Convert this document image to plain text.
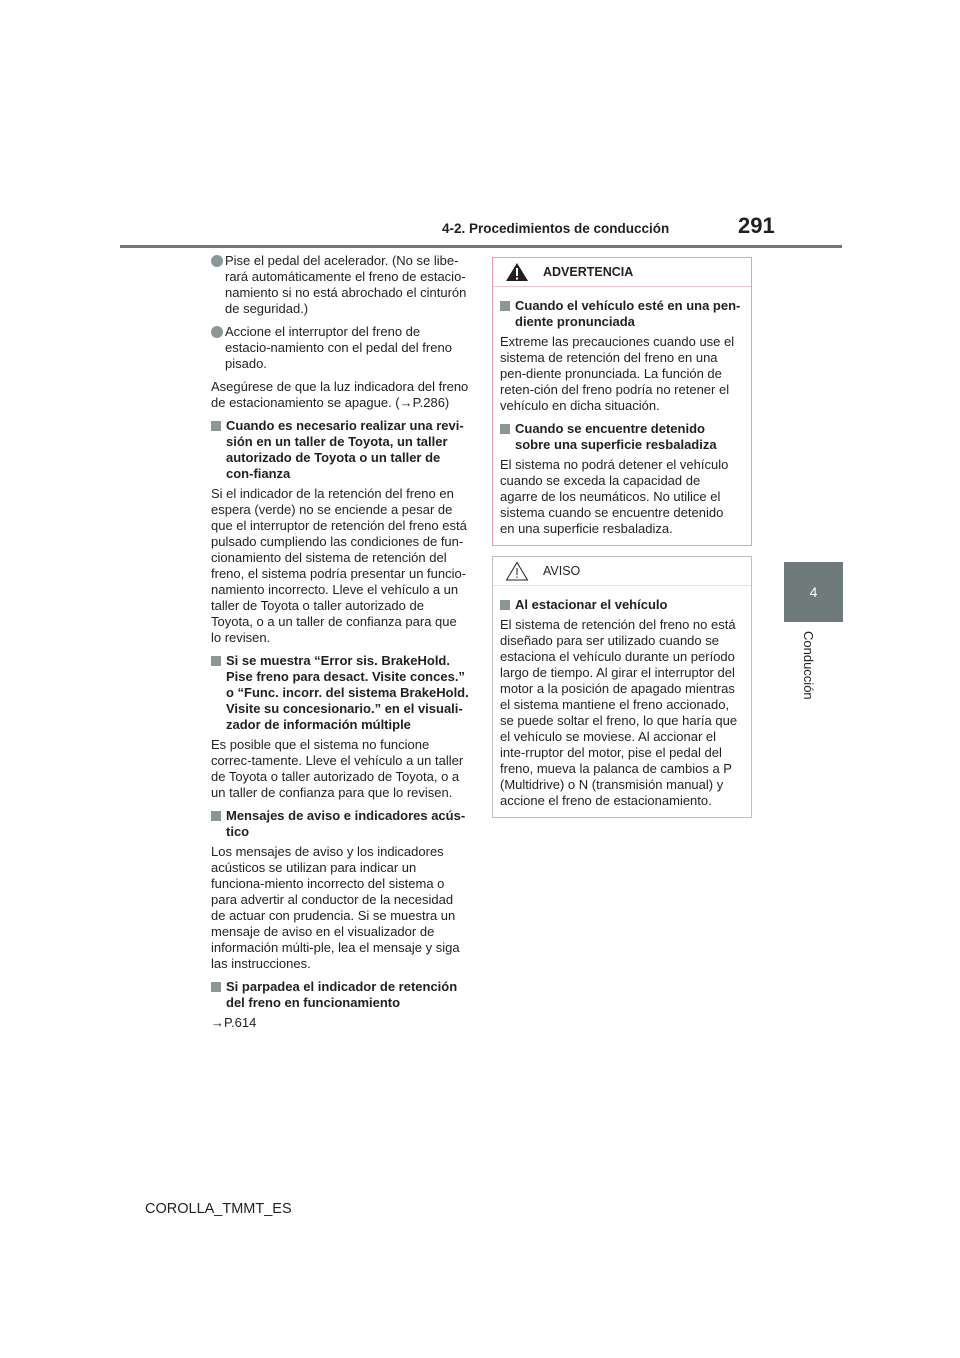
4-2. Procedimientos de conducción	291
4
Conducción
Pise el pedal del acelerador. (No se libe-rará automáticamente el freno de estacio-namiento si no está abrochado el cinturón de seguridad.)
Accione el interruptor del freno de estacio-namiento con el pedal del freno pisado.

Asegúrese de que la luz indicadora del freno de estacionamiento se apague. (→P.286)

Cuando es necesario realizar una revi-sión en un taller de Toyota, un taller autorizado de Toyota o un taller de con-fianza

Si el indicador de la retención del freno en espera (verde) no se enciende a pesar de que el interruptor de retención del freno está pulsado cumpliendo las condiciones de fun-cionamiento del sistema de retención del freno, el sistema podría presentar un funcio-namiento incorrecto. Lleve el vehículo a un taller de Toyota o taller autorizado de Toyota, o a un taller de confianza para que lo revisen.

Si se muestra “Error sis. BrakeHold. Pise freno para desact. Visite conces.” o “Func. incorr. del sistema BrakeHold. Visite su concesionario.” en el visuali-zador de información múltiple

Es posible que el sistema no funcione correc-tamente. Lleve el vehículo a un taller de Toyota o taller autorizado de Toyota, o a un taller de confianza para que lo revisen.

Mensajes de aviso e indicadores acús-tico

Los mensajes de aviso y los indicadores acústicos se utilizan para indicar un funciona-miento incorrecto del sistema o para advertir al conductor de la necesidad de actuar con prudencia. Si se muestra un mensaje de aviso en el visualizador de información múlti-ple, lea el mensaje y siga las instrucciones.

Si parpadea el indicador de retención del freno en funcionamiento

→P.614

ADVERTENCIA
Cuando el vehículo esté en una pen-diente pronunciada

Extreme las precauciones cuando use el sistema de retención del freno en una pen-diente pronunciada. La función de reten-ción del freno podría no retener el vehículo en dicha situación.

Cuando se encuentre detenido sobre una superficie resbaladiza

El sistema no podrá detener el vehículo cuando se exceda la capacidad de agarre de los neumáticos. No utilice el sistema cuando se encuentre detenido en una superficie resbaladiza.

AVISO
Al estacionar el vehículo

El sistema de retención del freno no está diseñado para ser utilizado cuando se estaciona el vehículo durante un período largo de tiempo. Al girar el interruptor del motor a la posición de apagado mientras el sistema mantiene el freno accionado, se puede soltar el freno, lo que haría que el vehículo se moviese. Al accionar el inte-rruptor del motor, pise el pedal del freno, mueva la palanca de cambios a P (Multidrive) o N (transmisión manual) y accione el freno de estacionamiento.

COROLLA_TMMT_ES
